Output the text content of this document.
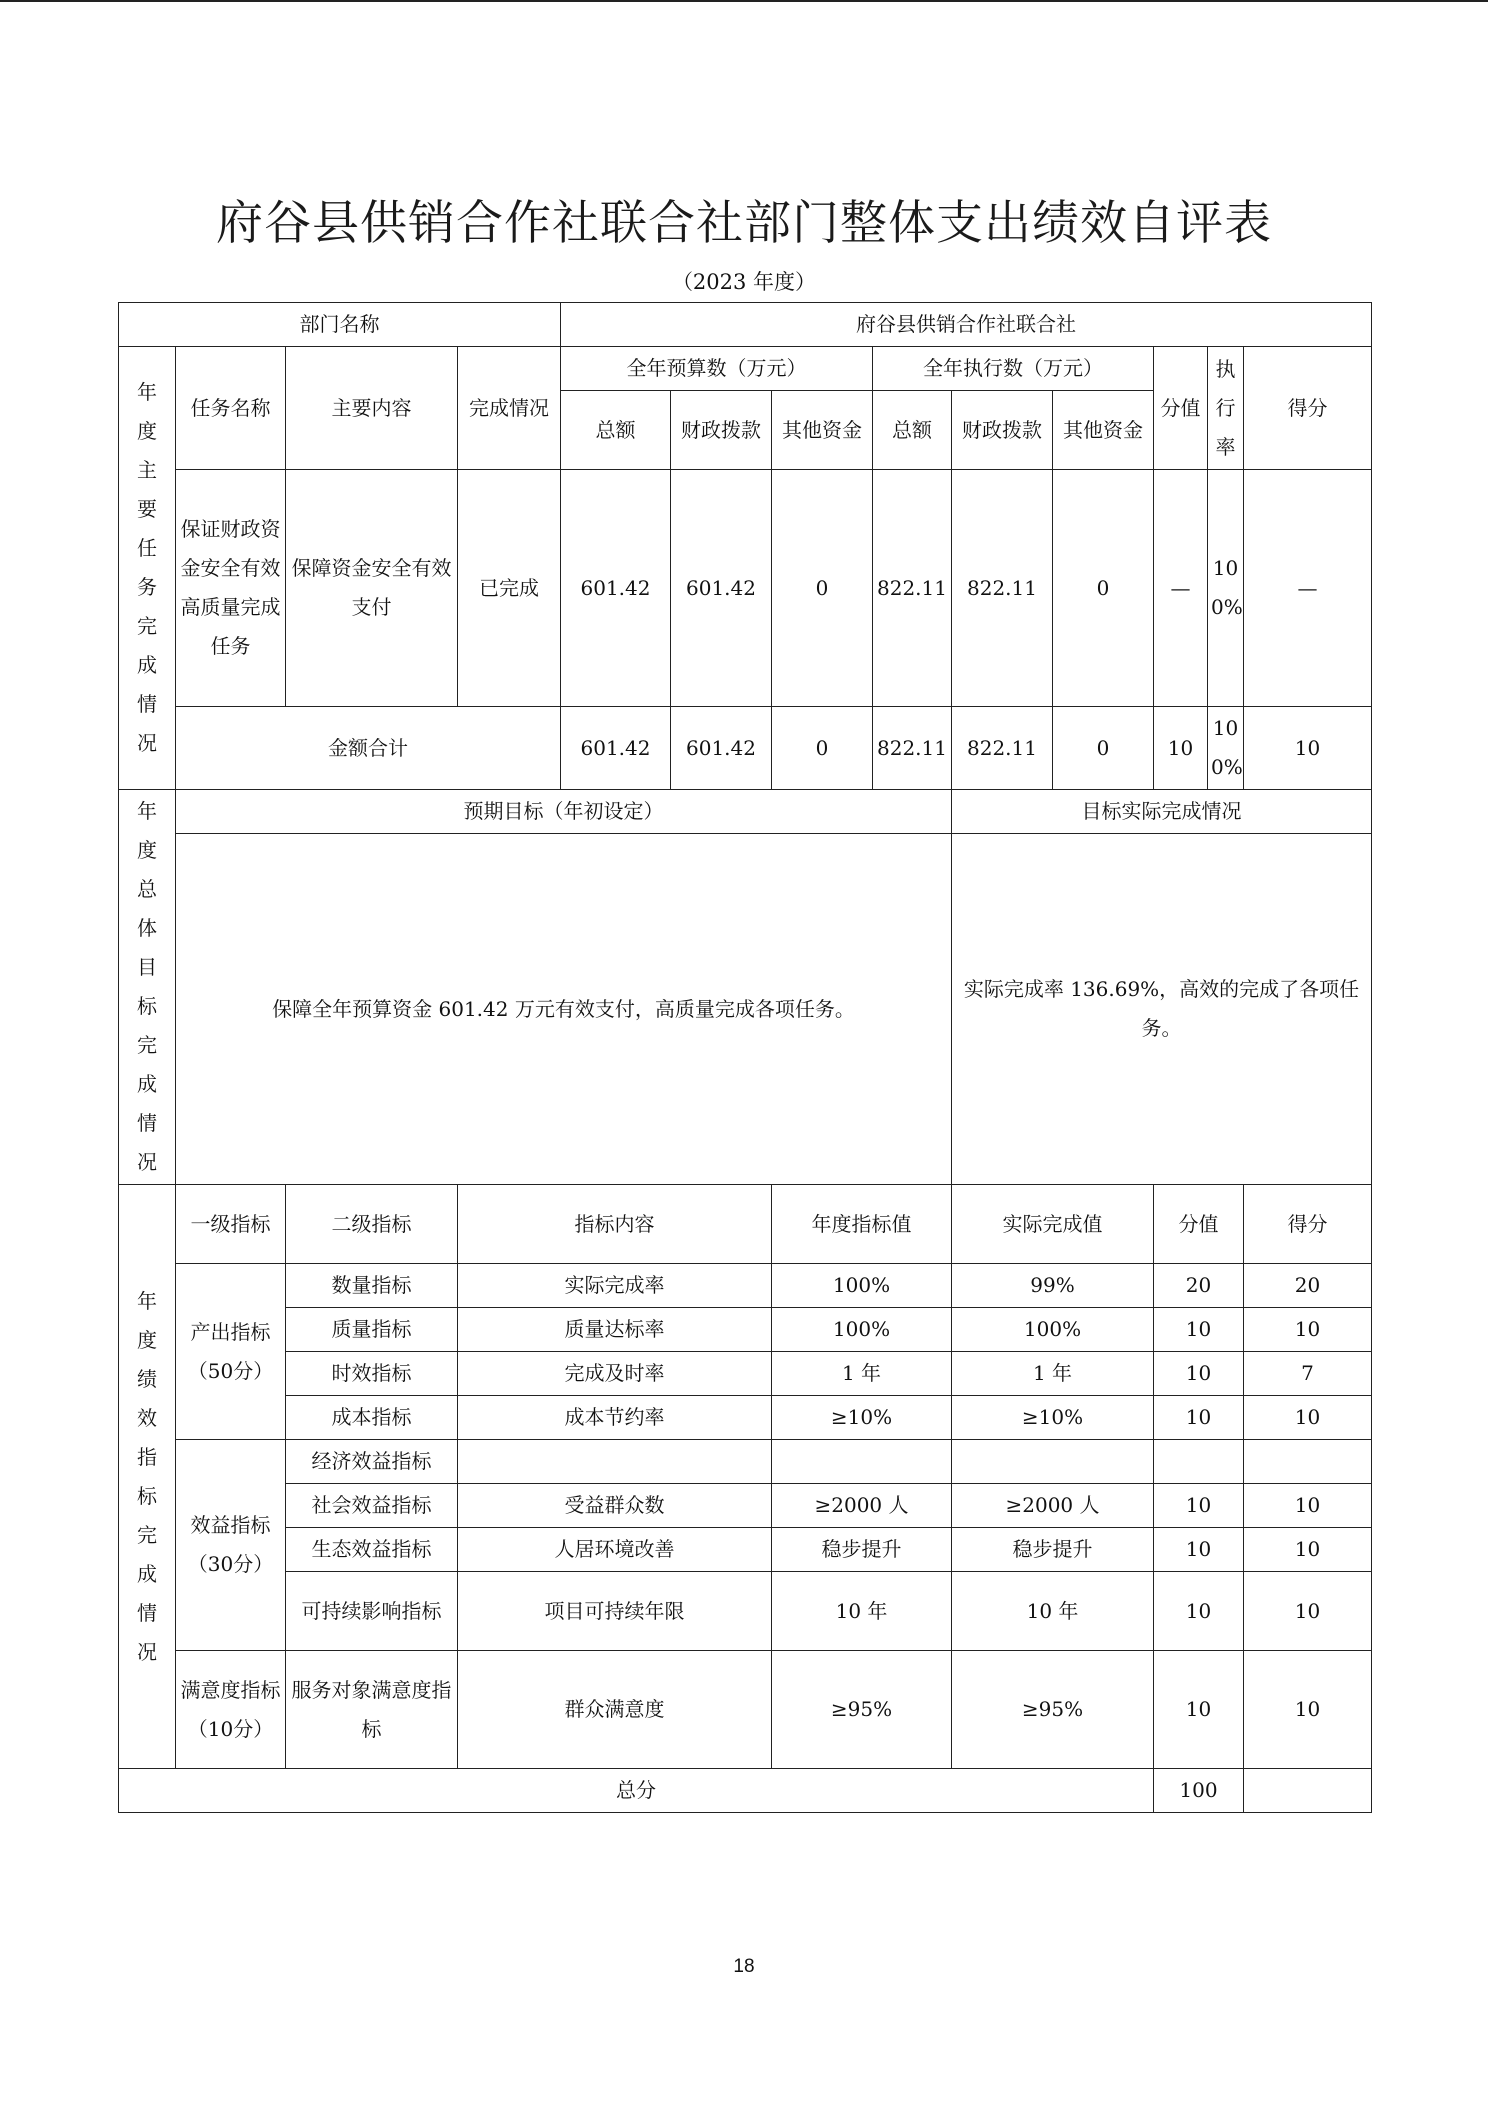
府谷县供销合作社联合社部门整体支出绩效自评表
（2023 年度）
部门名称				府谷县供销合作社联合社								

年度主要任务完成情况	任务名称	主要内容	完成情况	全年预算数（万元）			全年执行数（万元）			分值	执行率	得分
				总额	财政拨款	其他资金	总额	财政拨款	其他资金			
	保证财政资金安全有效 高质量完成任务	保障资金安全有效支付	已完成	601.42	601.42	0	822.11	822.11	0	—	100%	—
	金额合计			601.42	601.42	0	822.11	822.11	0	10	100%	10

年度总体目标完成情况	预期目标（年初设定）							目标实际完成情况				
	保障全年预算资金 601.42 万元有效支付，高质量完成各项任务。							实际完成率 136.69%，高效的完成了各项任务。				

年度绩效指标完成情况	一级指标	二级指标	指标内容			年度指标值		实际完成值		分值		得分
	产出指标（50分）	数量指标	实际完成率			100%		99%		20		20
		质量指标	质量达标率			100%		100%		10		10
		时效指标	完成及时率			1 年		1 年		10		7
		成本指标	成本节约率			≥10%		≥10%		10		10
	效益指标（30分）	经济效益指标										
		社会效益指标	受益群众数			≥2000 人		≥2000 人		10		10
		生态效益指标	人居环境改善			稳步提升		稳步提升		10		10
		可持续影响指标	项目可持续年限			10 年		10 年		10		10
	满意度指标（10分）	服务对象满意度指标	群众满意度			≥95%		≥95%		10		10
总分										100		
18
